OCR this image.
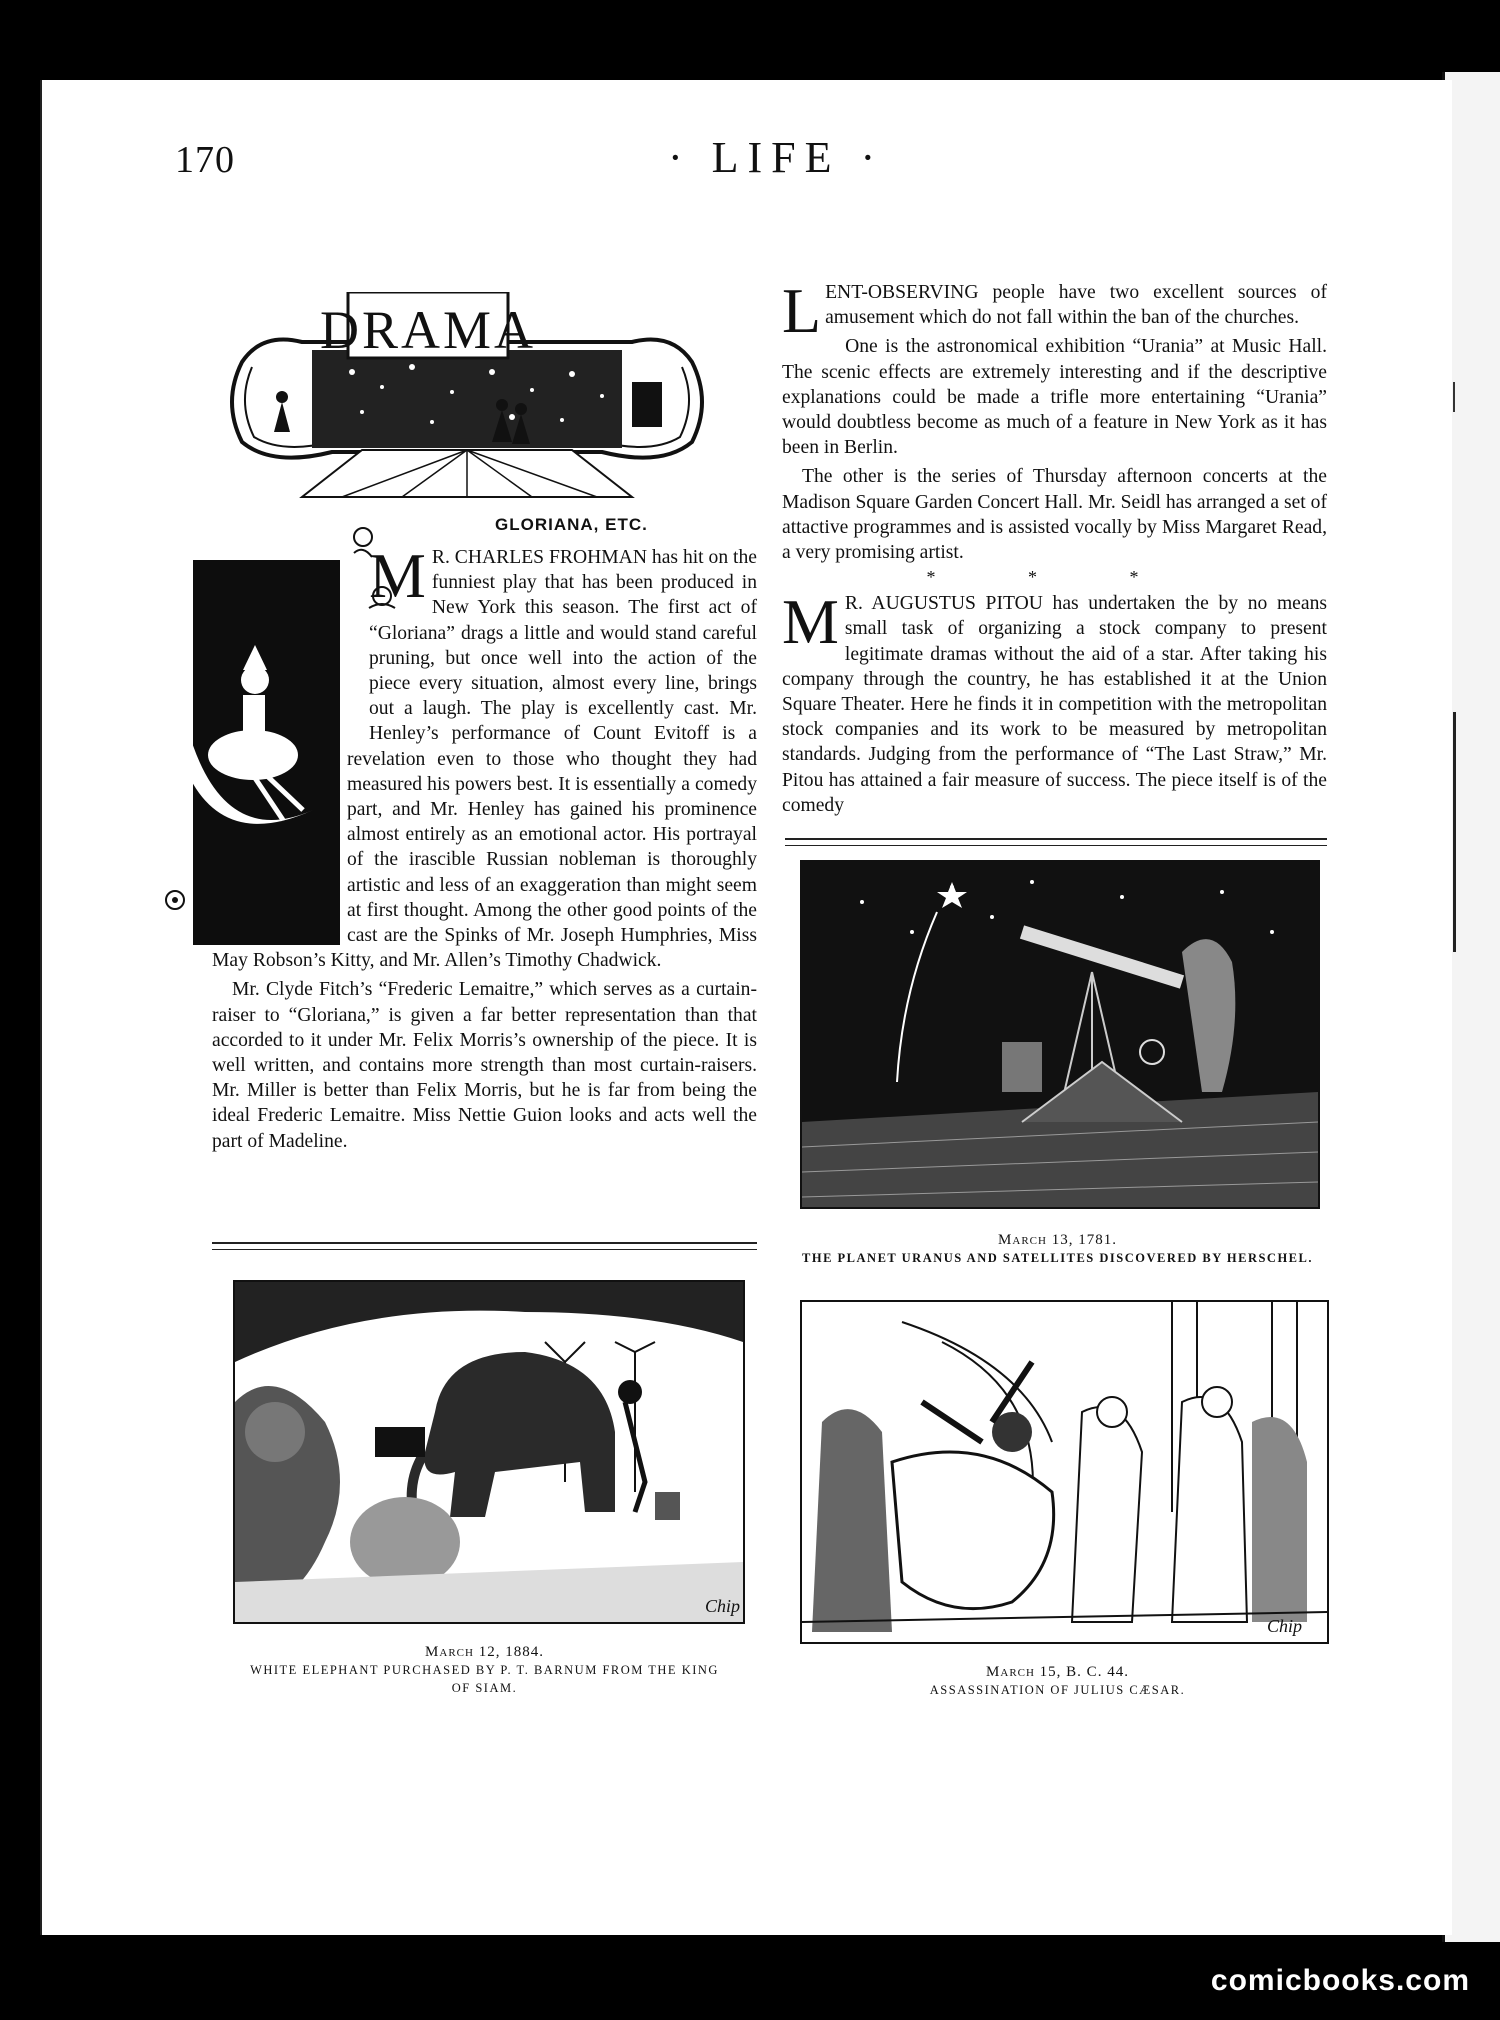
170	· LIFE ·
DRAMA
GLORIANA, ETC.

M R. CHARLES FROHMAN has hit on the funniest play that has been produced in New York this season. The first act of “Gloriana” drags a little and would stand careful pruning, but once well into the action of the piece every situation, almost every line, brings out a laugh. The play is excellently cast. Mr. Henley’s performance of Count Evitoff is a revelation even to those who thought they had measured his powers best. It is essentially a comedy part, and Mr. Henley has gained his prominence almost entirely as an emotional actor. His portrayal of the irascible Russian nobleman is thoroughly artistic and less of an exaggeration than might seem at first thought. Among the other good points of the cast are the Spinks of Mr. Joseph Humphries, Miss May Robson’s Kitty, and Mr. Allen’s Timothy Chadwick.

Mr. Clyde Fitch’s “Frederic Lemaitre,” which serves as a curtain-raiser to “Gloriana,” is given a far better representation than that accorded to it under Mr. Felix Morris’s ownership of the piece. It is well written, and contains more strength than most curtain-raisers. Mr. Miller is better than Felix Morris, but he is far from being the ideal Frederic Lemaitre. Miss Nettie Guion looks and acts well the part of Madeline.

LENT-OBSERVING people have two excellent sources of amusement which do not fall within the ban of the churches.

One is the astronomical exhibition “Urania” at Music Hall. The scenic effects are extremely interesting and if the descriptive explanations could be made a trifle more entertaining “Urania” would doubtless become as much of a feature in New York as it has been in Berlin.

The other is the series of Thursday afternoon concerts at the Madison Square Garden Concert Hall. Mr. Seidl has arranged a set of attactive programmes and is assisted vocally by Miss Margaret Read, a very promising artist.

* * *

M R. AUGUSTUS PITOU has undertaken the by no means small task of organizing a stock company to present legitimate dramas without the aid of a star. After taking his company through the country, he has established it at the Union Square Theater. Here he finds it in competition with the metropolitan stock companies and its work to be measured by metropolitan standards. Judging from the performance of “The Last Straw,” Mr. Pitou has attained a fair measure of success. The piece itself is of the comedy

March 13, 1781.
THE PLANET URANUS AND SATELLITES DISCOVERED BY HERSCHEL.
Chip
March 12, 1884.
WHITE ELEPHANT PURCHASED BY P. T. BARNUM FROM THE KING
OF SIAM.
Chip
March 15, B. C. 44.
ASSASSINATION OF JULIUS CÆSAR.
comicbooks.com
